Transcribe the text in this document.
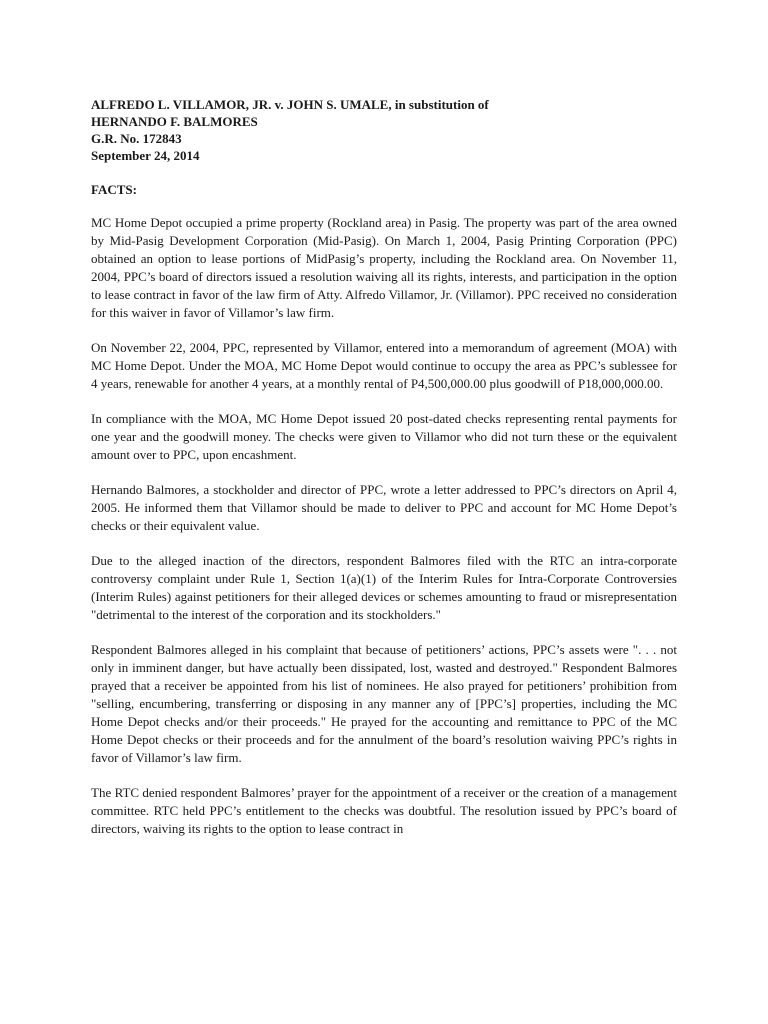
ALFREDO L. VILLAMOR, JR. v. JOHN S. UMALE, in substitution of
HERNANDO F. BALMORES
G.R. No. 172843
September 24, 2014
FACTS:

MC Home Depot occupied a prime property (Rockland area) in Pasig. The property was part of the area owned by Mid-Pasig Development Corporation (Mid-Pasig). On March 1, 2004, Pasig Printing Corporation (PPC) obtained an option to lease portions of MidPasig’s property, including the Rockland area. On November 11, 2004, PPC’s board of directors issued a resolution waiving all its rights, interests, and participation in the option to lease contract in favor of the law firm of Atty. Alfredo Villamor, Jr. (Villamor). PPC received no consideration for this waiver in favor of Villamor’s law firm.

On November 22, 2004, PPC, represented by Villamor, entered into a memorandum of agreement (MOA) with MC Home Depot. Under the MOA, MC Home Depot would continue to occupy the area as PPC’s sublessee for 4 years, renewable for another 4 years, at a monthly rental of P4,500,000.00 plus goodwill of P18,000,000.00.

In compliance with the MOA, MC Home Depot issued 20 post-dated checks representing rental payments for one year and the goodwill money. The checks were given to Villamor who did not turn these or the equivalent amount over to PPC, upon encashment.

Hernando Balmores, a stockholder and director of PPC, wrote a letter addressed to PPC’s directors on April 4, 2005. He informed them that Villamor should be made to deliver to PPC and account for MC Home Depot’s checks or their equivalent value.

Due to the alleged inaction of the directors, respondent Balmores filed with the RTC an intra-corporate controversy complaint under Rule 1, Section 1(a)(1) of the Interim Rules for Intra-Corporate Controversies (Interim Rules) against petitioners for their alleged devices or schemes amounting to fraud or misrepresentation "detrimental to the interest of the corporation and its stockholders."

Respondent Balmores alleged in his complaint that because of petitioners’ actions, PPC’s assets were ". . . not only in imminent danger, but have actually been dissipated, lost, wasted and destroyed." Respondent Balmores prayed that a receiver be appointed from his list of nominees. He also prayed for petitioners’ prohibition from "selling, encumbering, transferring or disposing in any manner any of [PPC’s] properties, including the MC Home Depot checks and/or their proceeds." He prayed for the accounting and remittance to PPC of the MC Home Depot checks or their proceeds and for the annulment of the board’s resolution waiving PPC’s rights in favor of Villamor’s law firm.

The RTC denied respondent Balmores’ prayer for the appointment of a receiver or the creation of a management committee. RTC held PPC’s entitlement to the checks was doubtful. The resolution issued by PPC’s board of directors, waiving its rights to the option to lease contract in
